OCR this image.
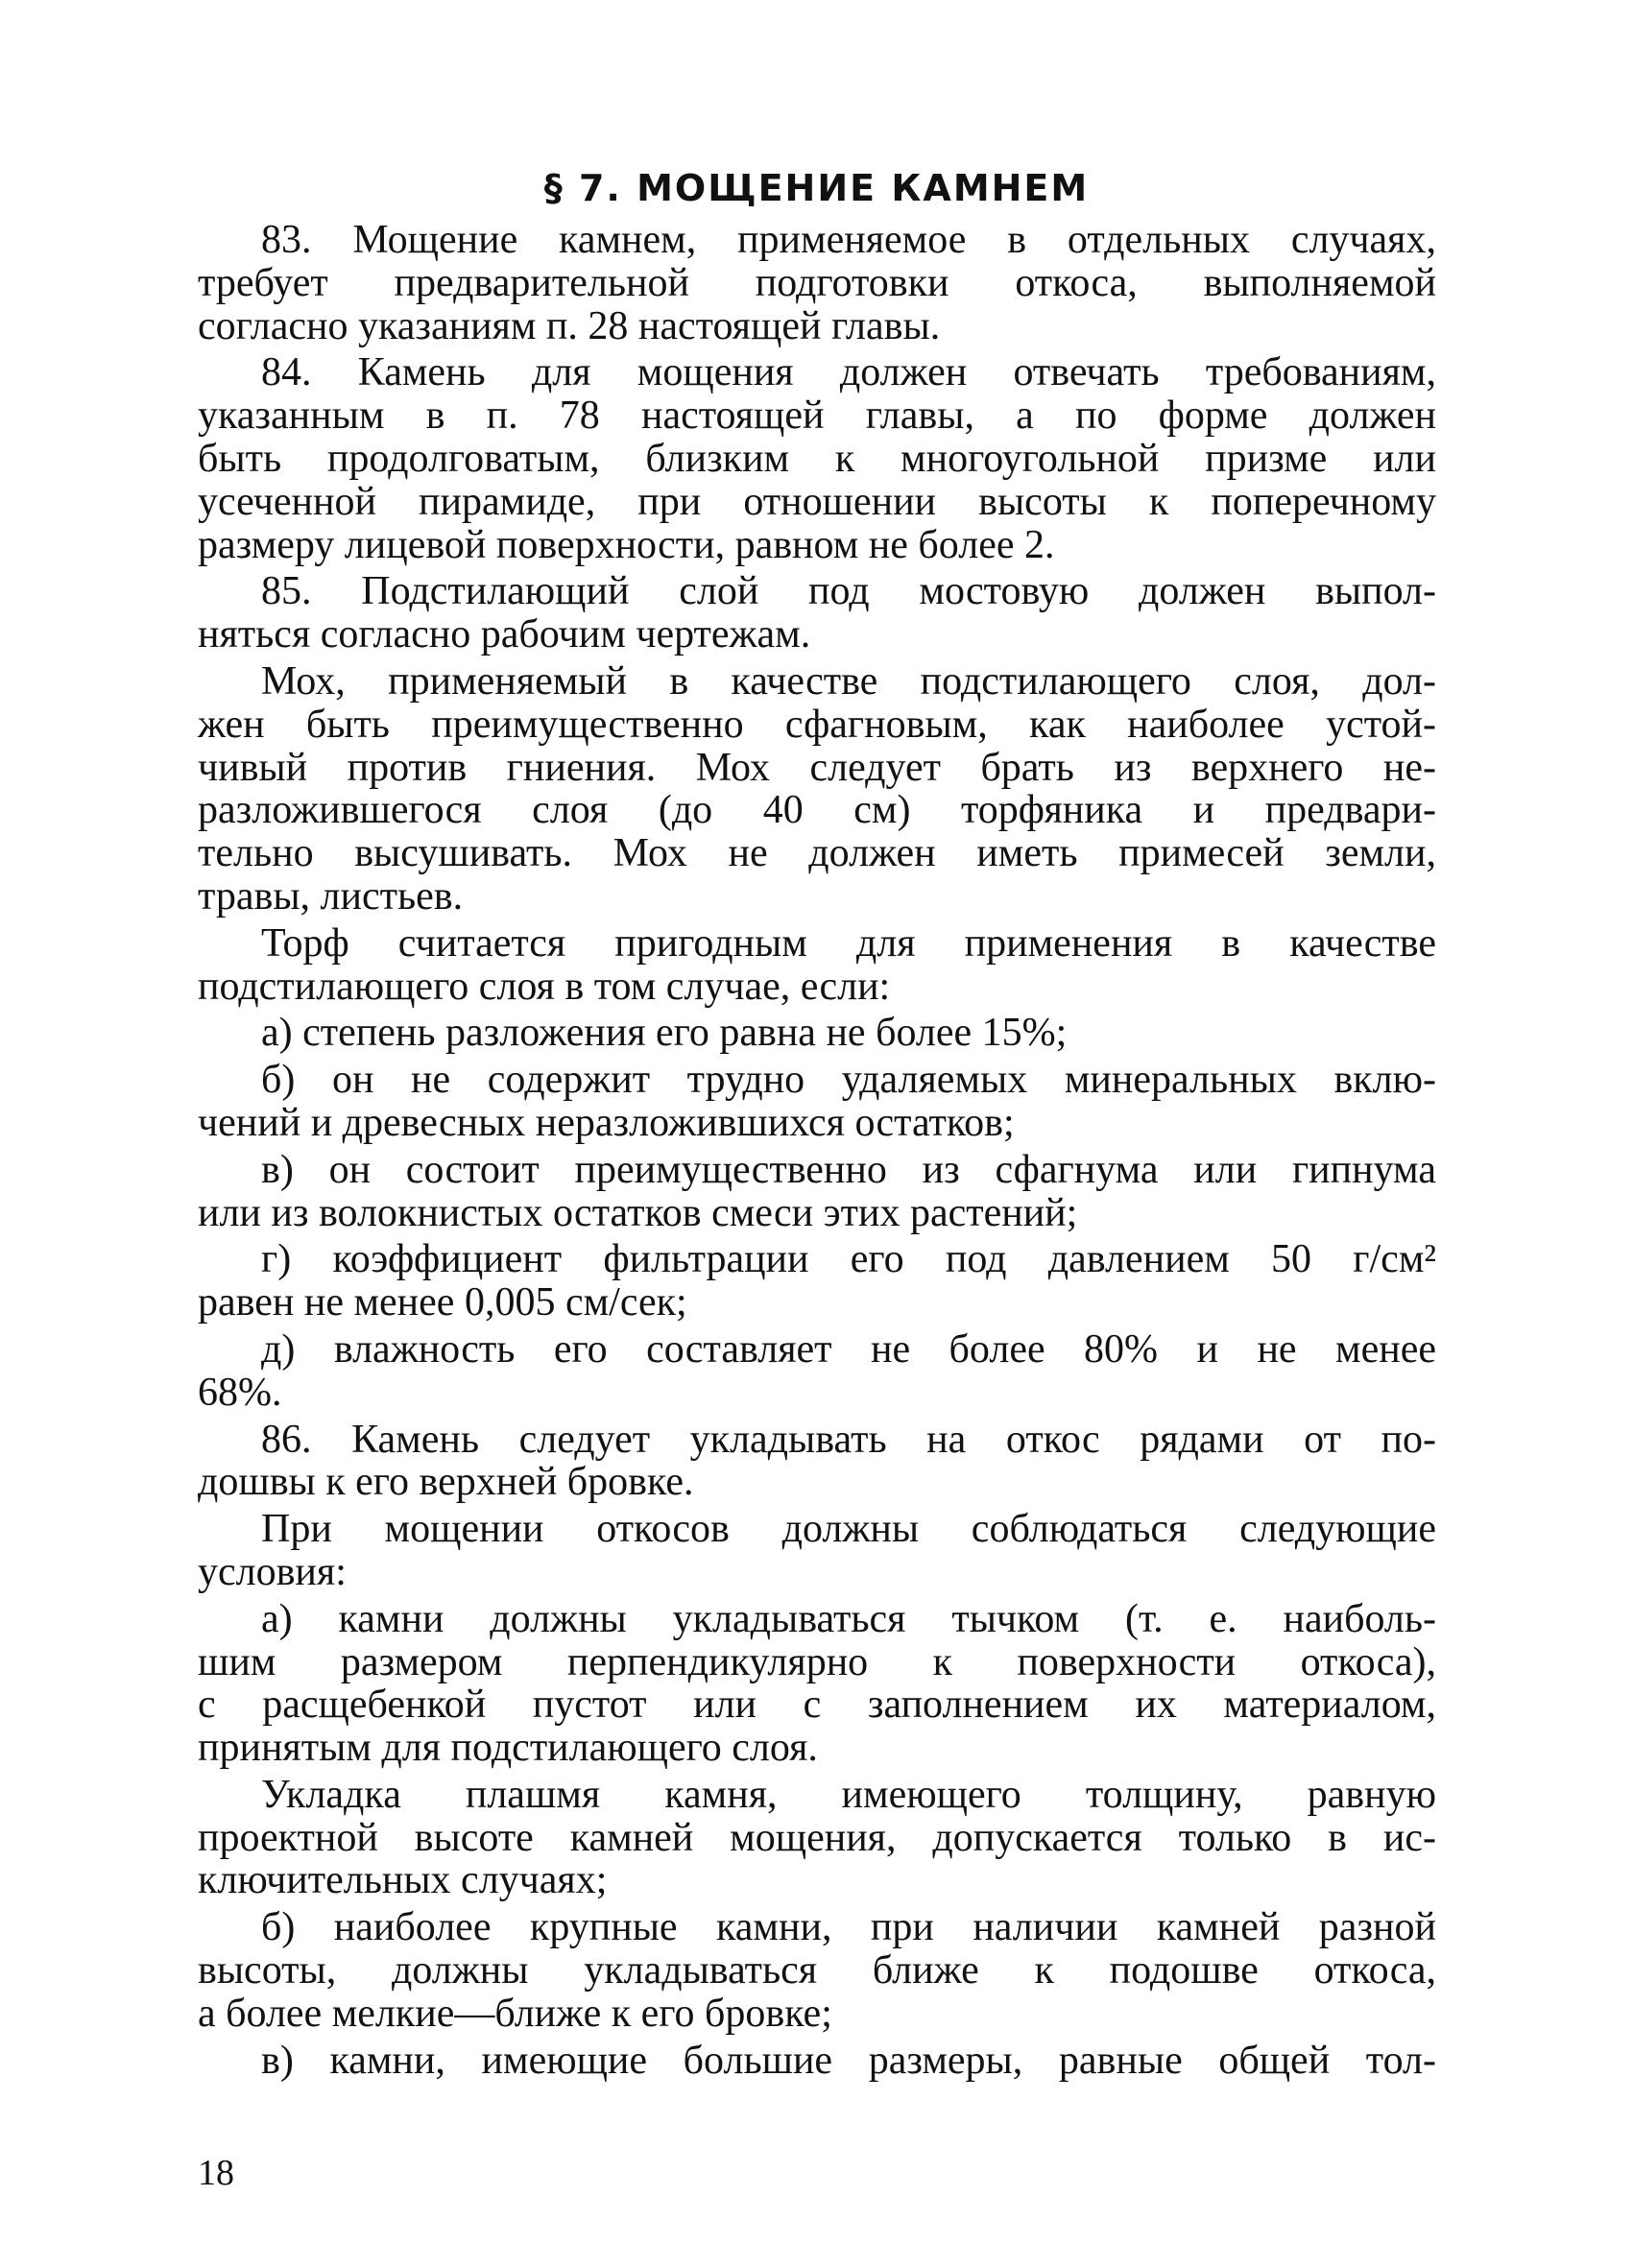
§ 7. МОЩЕНИЕ КАМНЕМ
83. Мощение камнем, применяемое в отдельных случаях,
требует предварительной подготовки откоса, выполняемой
согласно указаниям п. 28 настоящей главы.
84. Камень для мощения должен отвечать требованиям,
указанным в п. 78 настоящей главы, а по форме должен
быть продолговатым, близким к многоугольной призме или
усеченной пирамиде, при отношении высоты к поперечному
размеру лицевой поверхности, равном не более 2.
85. Подстилающий слой под мостовую должен выпол-
няться согласно рабочим чертежам.
Мох, применяемый в качестве подстилающего слоя, дол-
жен быть преимущественно сфагновым, как наиболее устой-
чивый против гниения. Мох следует брать из верхнего не-
разложившегося слоя (до 40 см) торфяника и предвари-
тельно высушивать. Мох не должен иметь примесей земли,
травы, листьев.
Торф считается пригодным для применения в качестве
подстилающего слоя в том случае, если:
а) степень разложения его равна не более 15%;
б) он не содержит трудно удаляемых минеральных вклю-
чений и древесных неразложившихся остатков;
в) он состоит преимущественно из сфагнума или гипнума
или из волокнистых остатков смеси этих растений;
г) коэффициент фильтрации его под давлением 50 г/см²
равен не менее 0,005 см/сек;
д) влажность его составляет не более 80% и не менее
68%.
86. Камень следует укладывать на откос рядами от по-
дошвы к его верхней бровке.
При мощении откосов должны соблюдаться следующие
условия:
а) камни должны укладываться тычком (т. е. наиболь-
шим размером перпендикулярно к поверхности откоса),
с расщебенкой пустот или с заполнением их материалом,
принятым для подстилающего слоя.
Укладка плашмя камня, имеющего толщину, равную
проектной высоте камней мощения, допускается только в ис-
ключительных случаях;
б) наиболее крупные камни, при наличии камней разной
высоты, должны укладываться ближе к подошве откоса,
а более мелкие—ближе к его бровке;
в) камни, имеющие большие размеры, равные общей тол-
18
